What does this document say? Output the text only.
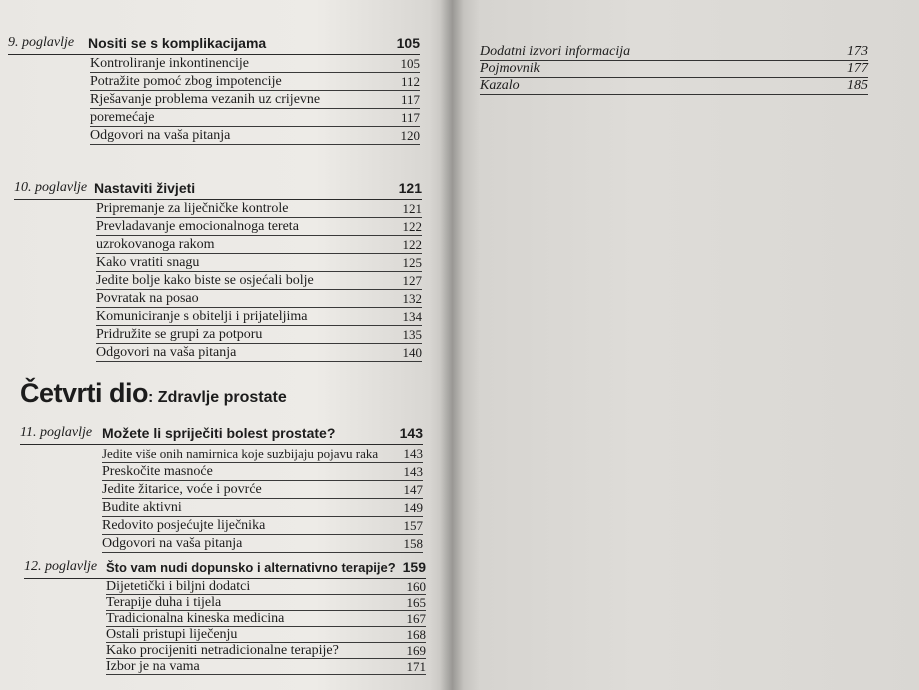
9. poglavlje Nositi se s komplikacijama	105
Kontroliranje inkontinencije	105
Potražite pomoć zbog impotencije	112
Rješavanje problema vezanih uz crijevne	117
poremećaje	117
Odgovori na vaša pitanja	120
10. poglavlje Nastaviti živjeti	121
Pripremanje za liječničke kontrole	121
Prevladavanje emocionalnoga tereta	122
uzrokovanoga rakom	122
Kako vratiti snagu	125
Jedite bolje kako biste se osjećali bolje	127
Povratak na posao	132
Komuniciranje s obitelji i prijateljima	134
Pridružite se grupi za potporu	135
Odgovori na vaša pitanja	140
Četvrti dio: Zdravlje prostate
11. poglavlje Možete li spriječiti bolest prostate?	143
Jedite više onih namirnica koje suzbijaju pojavu raka 143
Preskočite masnoće	143
Jedite žitarice, voće i povrće	147
Budite aktivni	149
Redovito posjećujte liječnika	157
Odgovori na vaša pitanja	158
12. poglavlje Što vam nudi dopunsko i alternativno terapije? 159
Dijetetički i biljni dodatci	160
Terapije duha i tijela	165
Tradicionalna kineska medicina	167
Ostali pristupi liječenju	168
Kako procijeniti netradicionalne terapije?	169
Izbor je na vama	171
Dodatni izvori informacija	173
Pojmovnik	177
Kazalo	185
